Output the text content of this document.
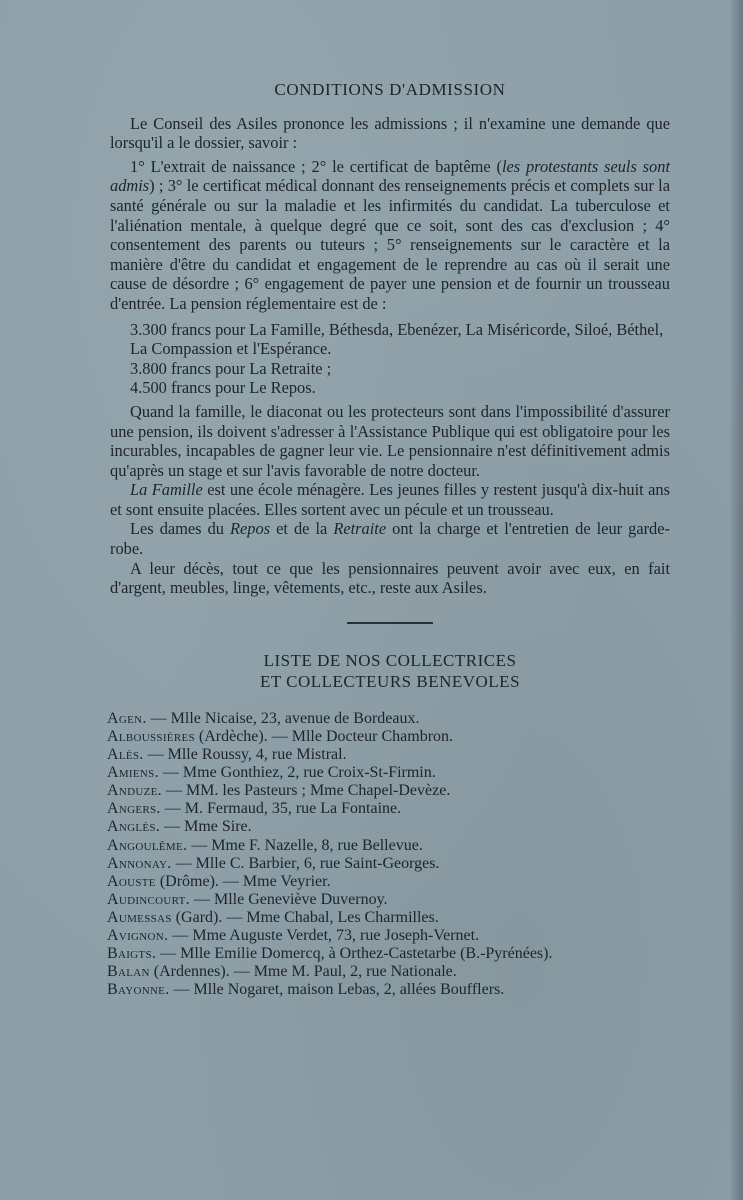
CONDITIONS D'ADMISSION

Le Conseil des Asiles prononce les admissions ; il n'examine une demande que lorsqu'il a le dossier, savoir :

1° L'extrait de naissance ; 2° le certificat de baptême (les protestants seuls sont admis) ; 3° le certificat médical donnant des renseignements précis et complets sur la santé générale ou sur la maladie et les infirmités du candidat. La tuberculose et l'aliénation mentale, à quelque degré que ce soit, sont des cas d'exclusion ; 4° consentement des parents ou tuteurs ; 5° renseignements sur le caractère et la manière d'être du candidat et engagement de le reprendre au cas où il serait une cause de désordre ; 6° engagement de payer une pension et de fournir un trousseau d'entrée. La pension réglementaire est de :

3.300 francs pour La Famille, Béthesda, Ebenézer, La Miséricorde, Siloé, Béthel, La Compassion et l'Espérance.

3.800 francs pour La Retraite ;

4.500 francs pour Le Repos.

Quand la famille, le diaconat ou les protecteurs sont dans l'impossibilité d'assurer une pension, ils doivent s'adresser à l'Assistance Publique qui est obligatoire pour les incurables, incapables de gagner leur vie. Le pensionnaire n'est définitivement admis qu'après un stage et sur l'avis favorable de notre docteur.

La Famille est une école ménagère. Les jeunes filles y restent jusqu'à dix-huit ans et sont ensuite placées. Elles sortent avec un pécule et un trousseau.

Les dames du Repos et de la Retraite ont la charge et l'entretien de leur garde-robe.

A leur décès, tout ce que les pensionnaires peuvent avoir avec eux, en fait d'argent, meubles, linge, vêtements, etc., reste aux Asiles.

LISTE DE NOS COLLECTRICES
ET COLLECTEURS BENEVOLES
Agen. — Mlle Nicaise, 23, avenue de Bordeaux.
Alboussières (Ardèche). — Mlle Docteur Chambron.
Alès. — Mlle Roussy, 4, rue Mistral.
Amiens. — Mme Gonthiez, 2, rue Croix-St-Firmin.
Anduze. — MM. les Pasteurs ; Mme Chapel-Devèze.
Angers. — M. Fermaud, 35, rue La Fontaine.
Anglès. — Mme Sire.
Angoulême. — Mme F. Nazelle, 8, rue Bellevue.
Annonay. — Mlle C. Barbier, 6, rue Saint-Georges.
Aouste (Drôme). — Mme Veyrier.
Audincourt. — Mlle Geneviève Duvernoy.
Aumessas (Gard). — Mme Chabal, Les Charmilles.
Avignon. — Mme Auguste Verdet, 73, rue Joseph-Vernet.
Baigts. — Mlle Emilie Domercq, à Orthez-Castetarbe (B.-Pyrénées).
Balan (Ardennes). — Mme M. Paul, 2, rue Nationale.
Bayonne. — Mlle Nogaret, maison Lebas, 2, allées Boufflers.
